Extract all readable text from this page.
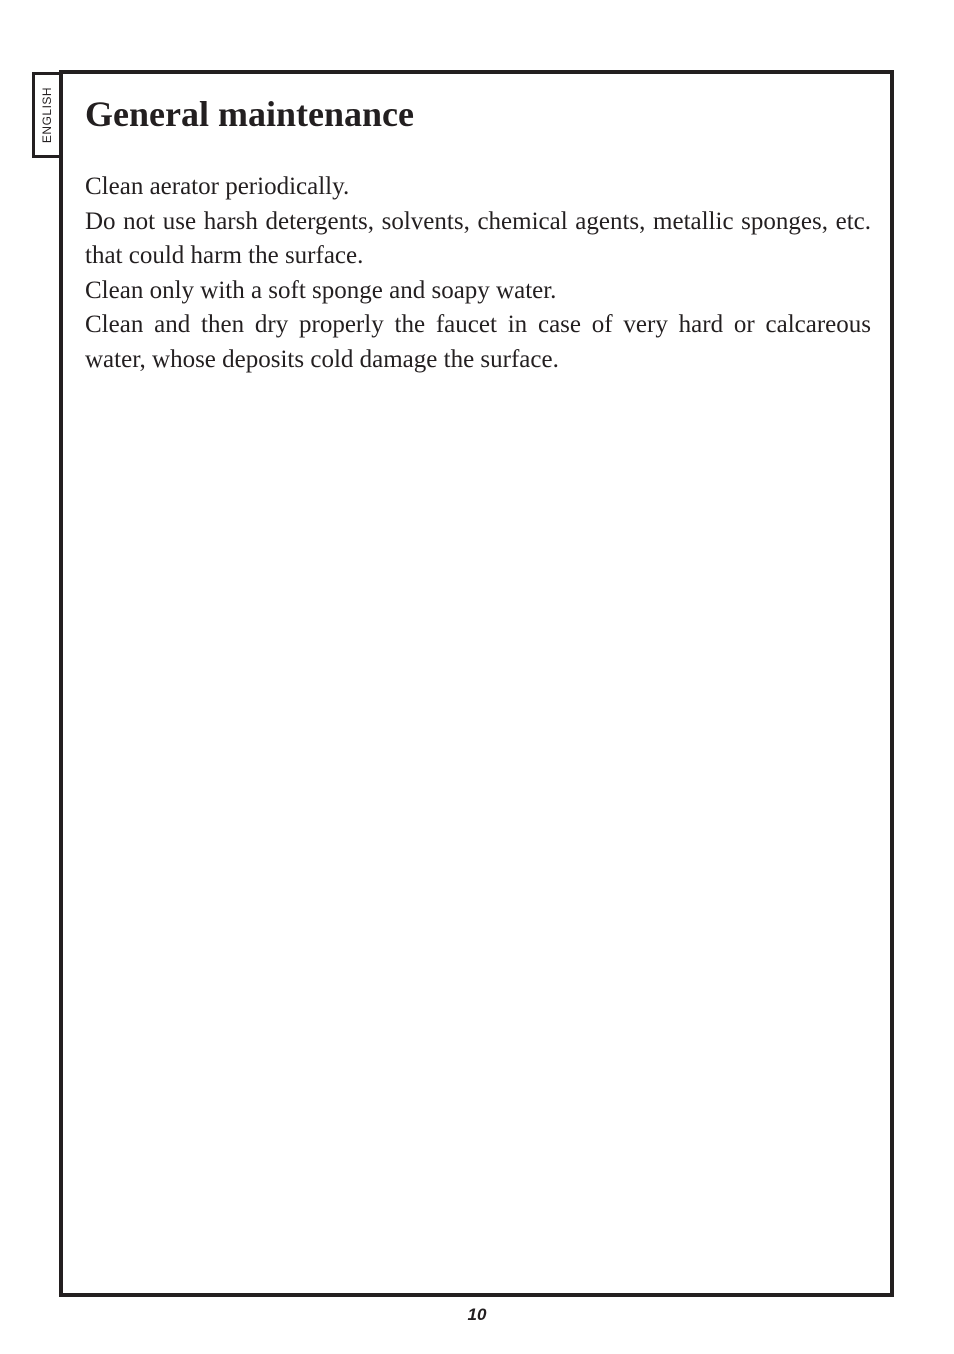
ENGLISH General maintenance

Clean aerator periodically.

Do not use harsh detergents, solvents, chemical agents, metallic sponges, etc. that could harm the surface.

Clean only with a soft sponge and soapy water.

Clean and then dry properly the faucet in case of very hard or calcareous water, whose deposits cold damage the surface.

10
